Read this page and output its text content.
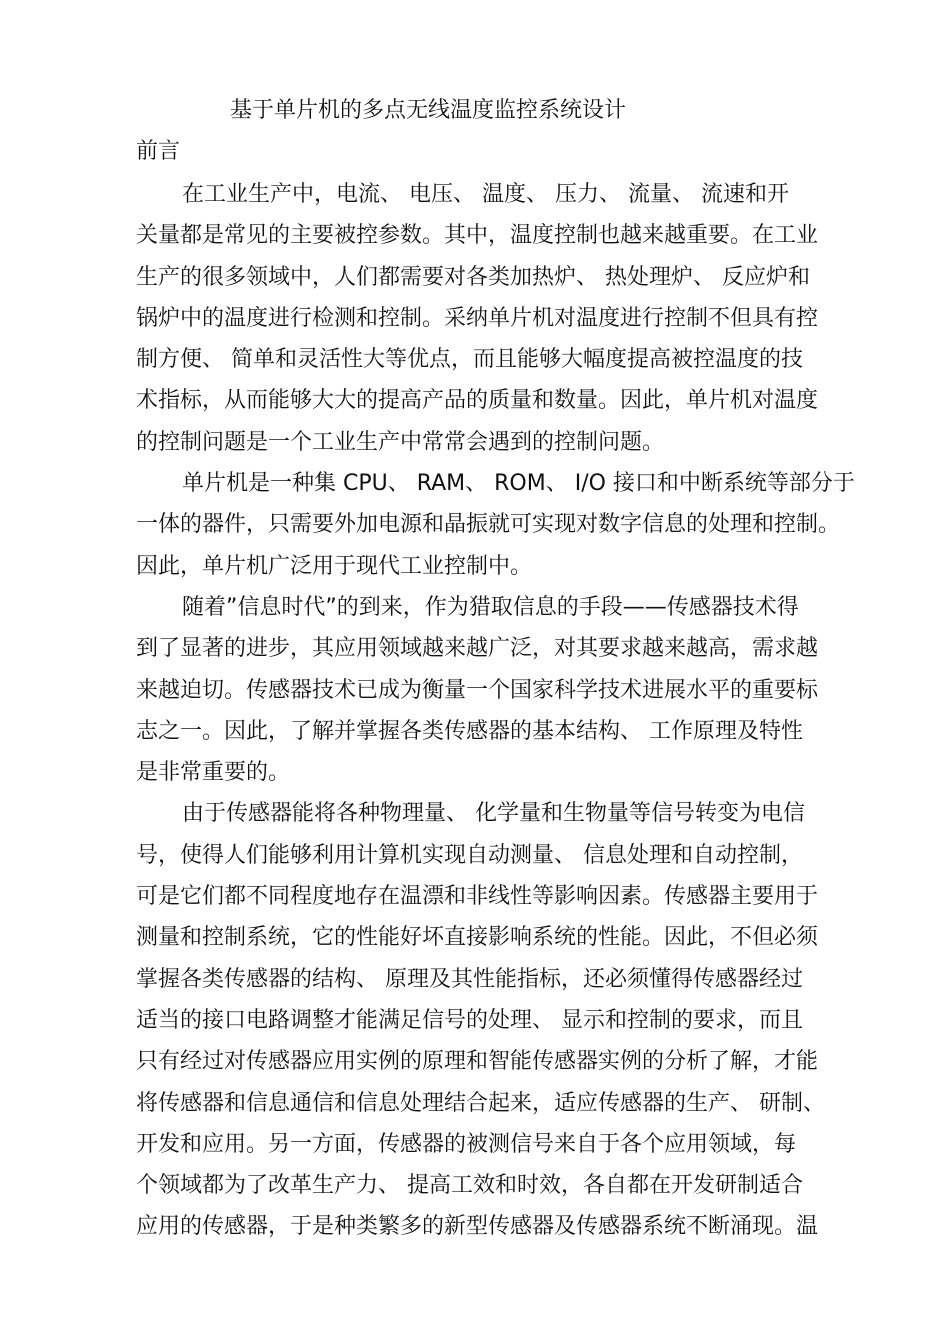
基于单片机的多点无线温度监控系统设计
前言
在工业生产中，电流、 电压、 温度、 压力、 流量、 流速和开
关量都是常见的主要被控参数。其中，温度控制也越来越重要。在工业
生产的很多领域中，人们都需要对各类加热炉、 热处理炉、 反应炉和
锅炉中的温度进行检测和控制。采纳单片机对温度进行控制不但具有控
制方便、 简单和灵活性大等优点，而且能够大幅度提高被控温度的技
术指标，从而能够大大的提高产品的质量和数量。因此，单片机对温度
的控制问题是一个工业生产中常常会遇到的控制问题。
单片机是一种集 CPU、 RAM、 ROM、 I/O 接口和中断系统等部分于
一体的器件，只需要外加电源和晶振就可实现对数字信息的处理和控制。
因此，单片机广泛用于现代工业控制中。
随着”信息时代”的到来，作为猎取信息的手段——传感器技术得
到了显著的进步，其应用领域越来越广泛，对其要求越来越高，需求越
来越迫切。传感器技术已成为衡量一个国家科学技术进展水平的重要标
志之一。因此，了解并掌握各类传感器的基本结构、 工作原理及特性
是非常重要的。
由于传感器能将各种物理量、 化学量和生物量等信号转变为电信
号，使得人们能够利用计算机实现自动测量、 信息处理和自动控制，
可是它们都不同程度地存在温漂和非线性等影响因素。传感器主要用于
测量和控制系统，它的性能好坏直接影响系统的性能。因此，不但必须
掌握各类传感器的结构、 原理及其性能指标，还必须懂得传感器经过
适当的接口电路调整才能满足信号的处理、 显示和控制的要求，而且
只有经过对传感器应用实例的原理和智能传感器实例的分析了解，才能
将传感器和信息通信和信息处理结合起来，适应传感器的生产、 研制、
开发和应用。另一方面，传感器的被测信号来自于各个应用领域，每
个领域都为了改革生产力、 提高工效和时效，各自都在开发研制适合
应用的传感器，于是种类繁多的新型传感器及传感器系统不断涌现。温
